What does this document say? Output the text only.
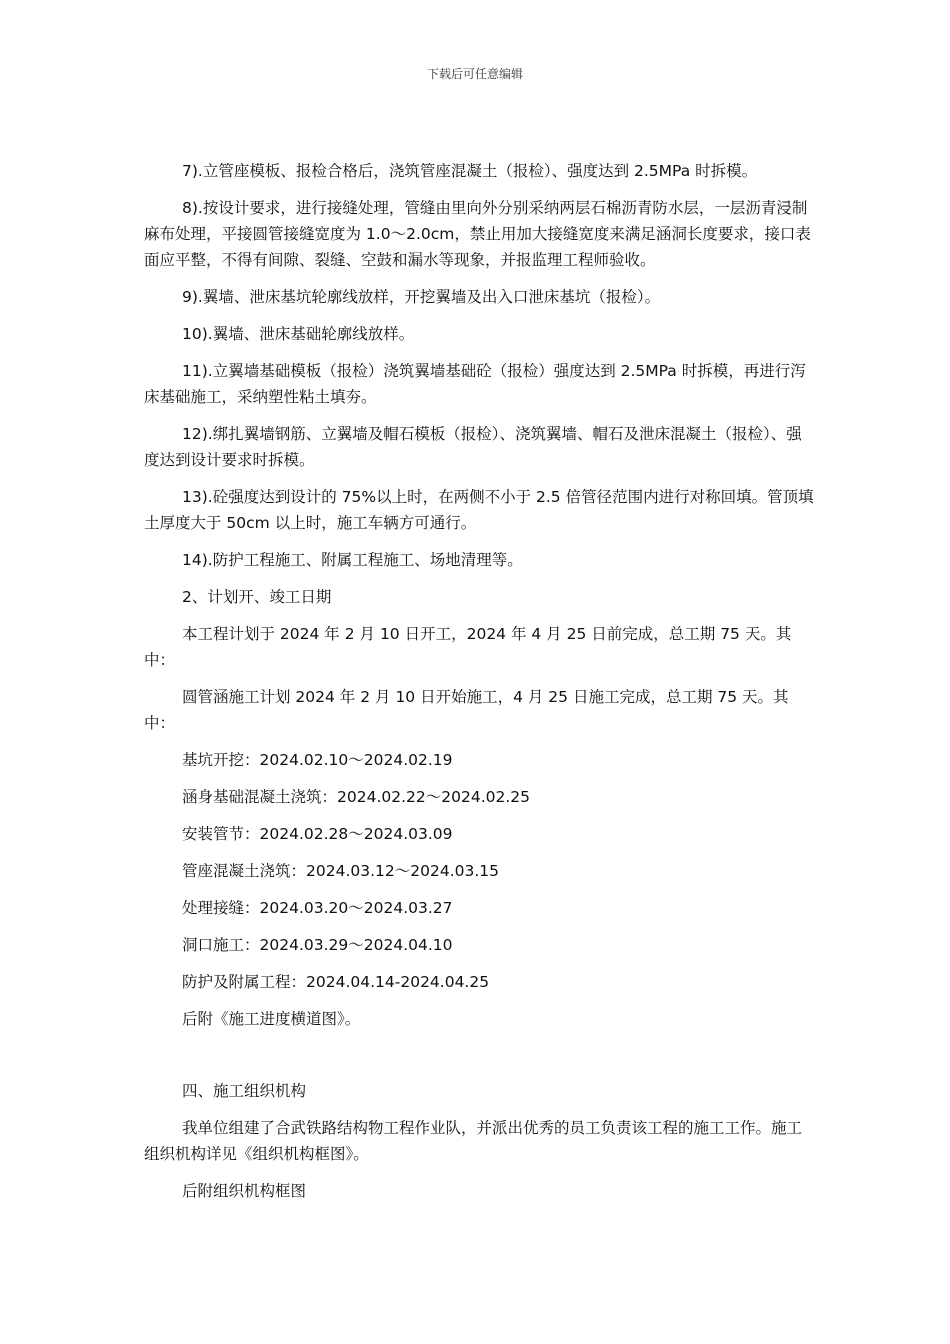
下载后可任意编辑

7).立管座模板、报检合格后，浇筑管座混凝土（报检）、强度达到 2.5MPa 时拆模。

8).按设计要求，进行接缝处理，管缝由里向外分别采纳两层石棉沥青防水层，一层沥青浸制麻布处理，平接圆管接缝宽度为 1.0～2.0cm，禁止用加大接缝宽度来满足涵洞长度要求，接口表面应平整，不得有间隙、裂缝、空鼓和漏水等现象，并报监理工程师验收。

9).翼墙、泄床基坑轮廓线放样，开挖翼墙及出入口泄床基坑（报检）。

10).翼墙、泄床基础轮廓线放样。

11).立翼墙基础模板（报检）浇筑翼墙基础砼（报检）强度达到 2.5MPa 时拆模，再进行泻床基础施工，采纳塑性粘土填夯。

12).绑扎翼墙钢筋、立翼墙及帽石模板（报检）、浇筑翼墙、帽石及泄床混凝土（报检）、强度达到设计要求时拆模。

13).砼强度达到设计的 75%以上时，在两侧不小于 2.5 倍管径范围内进行对称回填。管顶填土厚度大于 50cm 以上时，施工车辆方可通行。

14).防护工程施工、附属工程施工、场地清理等。

2、计划开、竣工日期

本工程计划于 2024 年 2 月 10 日开工，2024 年 4 月 25 日前完成，总工期 75 天。其中：

圆管涵施工计划 2024 年 2 月 10 日开始施工，4 月 25 日施工完成，总工期 75 天。其中：

基坑开挖：2024.02.10～2024.02.19

涵身基础混凝土浇筑：2024.02.22～2024.02.25

安装管节：2024.02.28～2024.03.09

管座混凝土浇筑：2024.03.12～2024.03.15

处理接缝：2024.03.20～2024.03.27

洞口施工：2024.03.29～2024.04.10

防护及附属工程：2024.04.14-2024.04.25

后附《施工进度横道图》。

四、施工组织机构

我单位组建了合武铁路结构物工程作业队，并派出优秀的员工负责该工程的施工工作。施工组织机构详见《组织机构框图》。

后附组织机构框图
